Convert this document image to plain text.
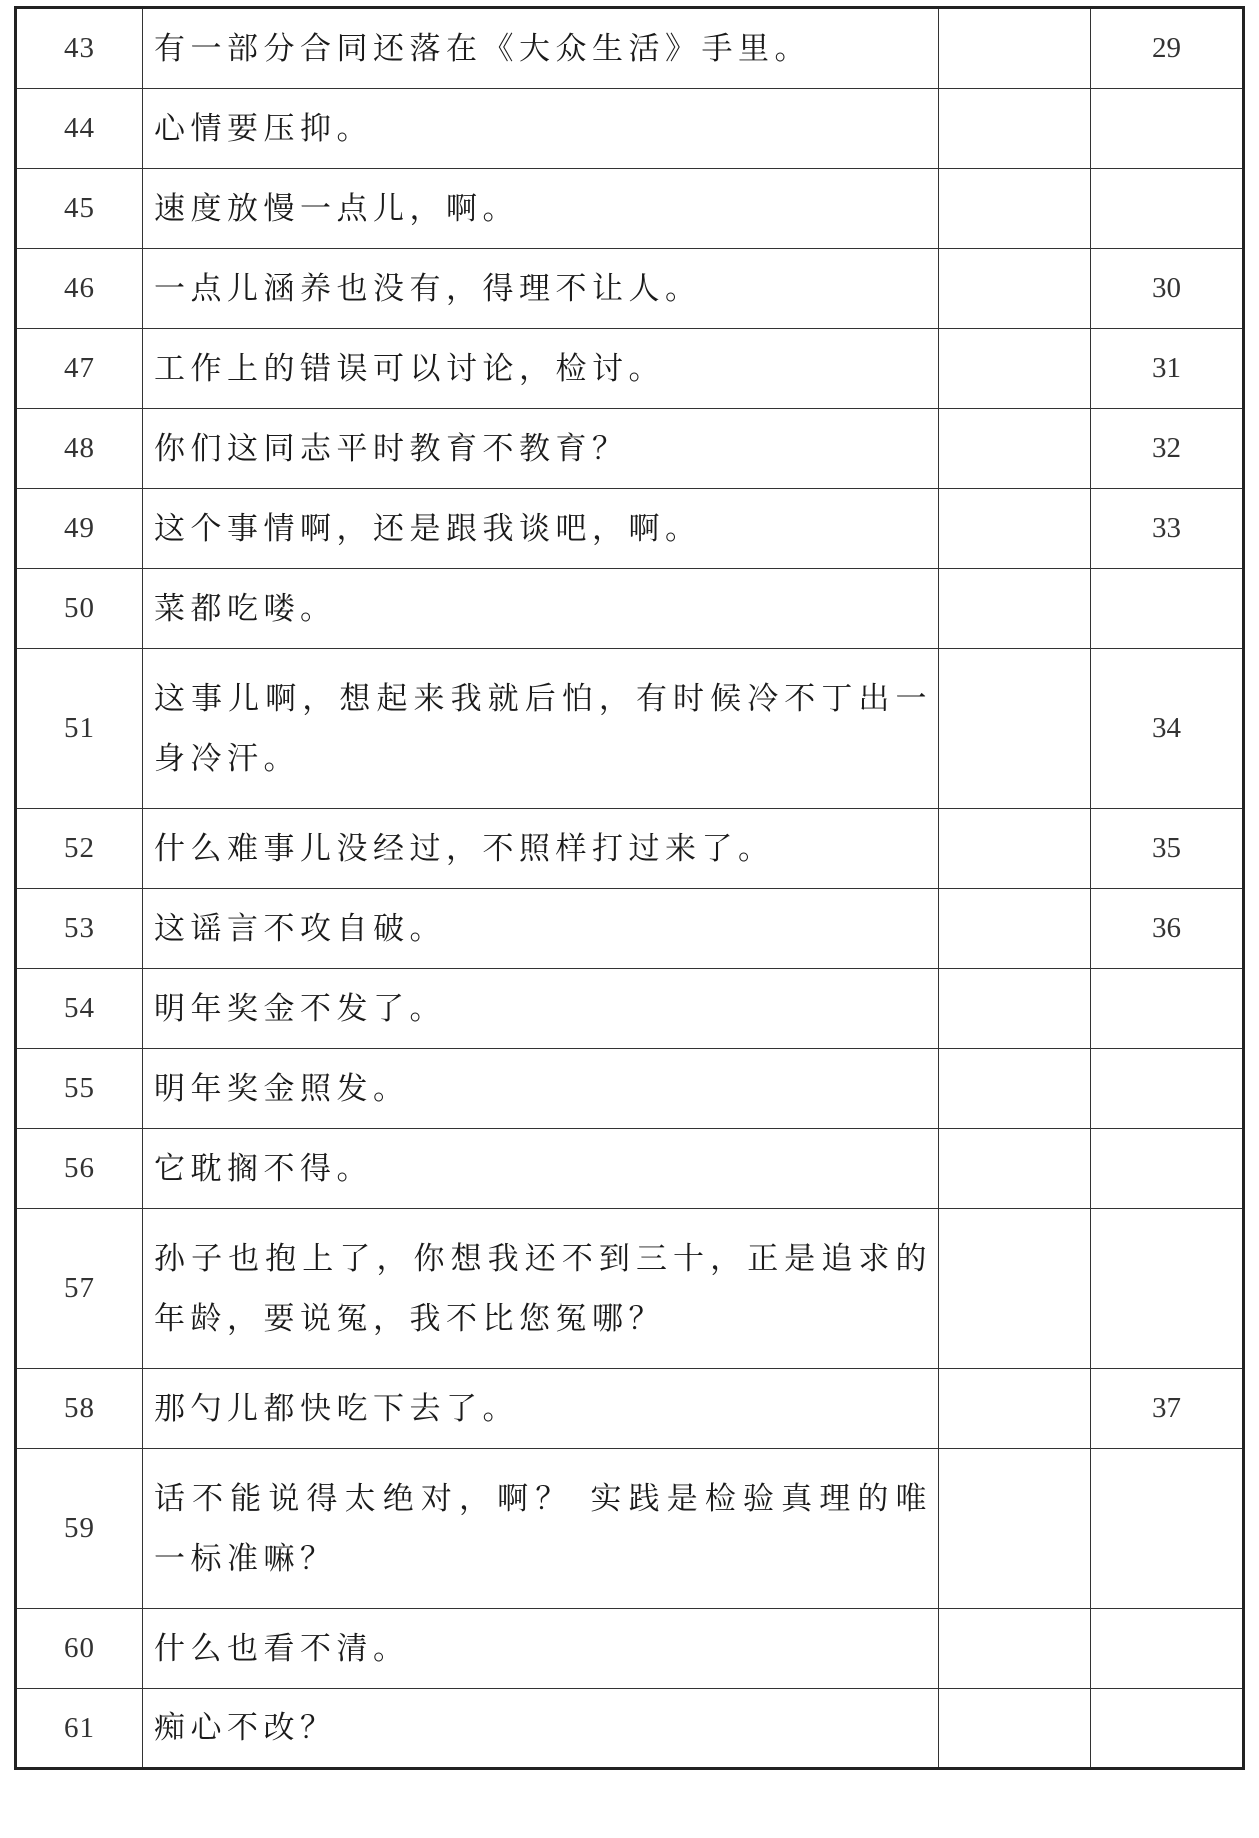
43	有一部分合同还落在《大众生活》手里。		29
44	心情要压抑。		
45	速度放慢一点儿，啊。		
46	一点儿涵养也没有，得理不让人。		30
47	工作上的错误可以讨论，检讨。		31
48	你们这同志平时教育不教育？		32
49	这个事情啊，还是跟我谈吧，啊。		33
50	菜都吃喽。		
51	这事儿啊，想起来我就后怕，有时候冷不丁出一身冷汗。		34
52	什么难事儿没经过，不照样打过来了。		35
53	这谣言不攻自破。		36
54	明年奖金不发了。		
55	明年奖金照发。		
56	它耽搁不得。		
57	孙子也抱上了，你想我还不到三十，正是追求的年龄，要说冤，我不比您冤哪？		
58	那勺儿都快吃下去了。		37
59	话不能说得太绝对，啊？ 实践是检验真理的唯一标准嘛？		
60	什么也看不清。		
61	痴心不改？		
